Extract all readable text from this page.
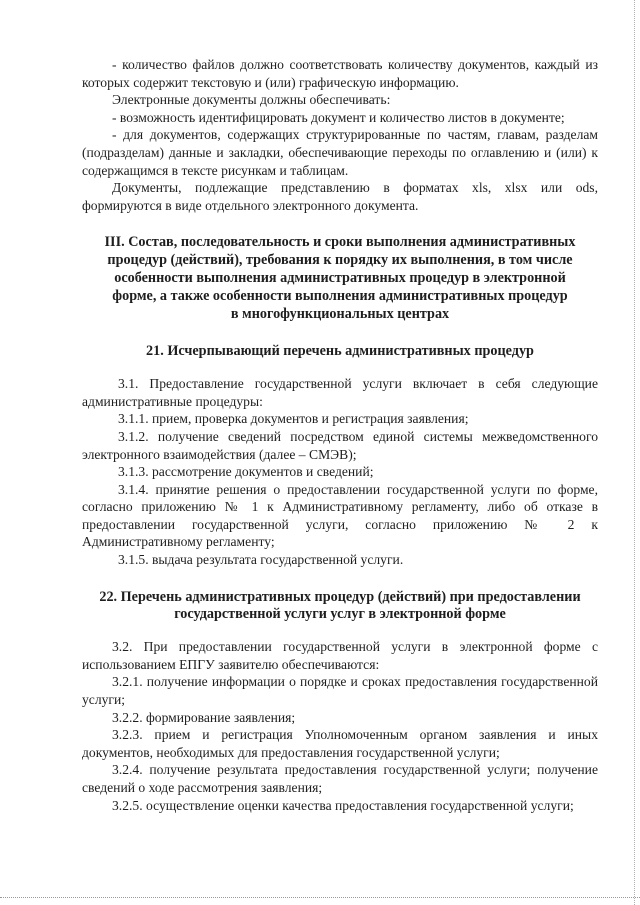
- количество файлов должно соответствовать количеству документов, каждый из которых содержит текстовую и (или) графическую информацию.

Электронные документы должны обеспечивать:

- возможность идентифицировать документ и количество листов в документе;

- для документов, содержащих структурированные по частям, главам, разделам (подразделам) данные и закладки, обеспечивающие переходы по оглавлению и (или) к содержащимся в тексте рисункам и таблицам.

Документы, подлежащие представлению в форматах xls, xlsx или ods, формируются в виде отдельного электронного документа.

III. Состав, последовательность и сроки выполнения административных

процедур (действий), требования к порядку их выполнения, в том числе

особенности выполнения административных процедур в электронной

форме, а также особенности выполнения административных процедур

в многофункциональных центрах

21. Исчерпывающий перечень административных процедур

3.1. Предоставление государственной услуги включает в себя следующие административные процедуры:

3.1.1. прием, проверка документов и регистрация заявления;

3.1.2. получение сведений посредством единой системы межведомственного электронного взаимодействия (далее – СМЭВ);

3.1.3. рассмотрение документов и сведений;

3.1.4. принятие решения о предоставлении государственной услуги по форме, согласно приложению № 1 к Административному регламенту, либо об отказе в предоставлении государственной услуги, согласно приложению № 2 к Административному регламенту;

3.1.5. выдача результата государственной услуги.

22. Перечень административных процедур (действий) при предоставлении

государственной услуги услуг в электронной форме

3.2. При предоставлении государственной услуги в электронной форме с использованием ЕПГУ заявителю обеспечиваются:

3.2.1. получение информации о порядке и сроках предоставления государственной услуги;

3.2.2. формирование заявления;

3.2.3. прием и регистрация Уполномоченным органом заявления и иных документов, необходимых для предоставления государственной услуги;

3.2.4. получение результата предоставления государственной услуги; получение сведений о ходе рассмотрения заявления;

3.2.5. осуществление оценки качества предоставления государственной услуги;
